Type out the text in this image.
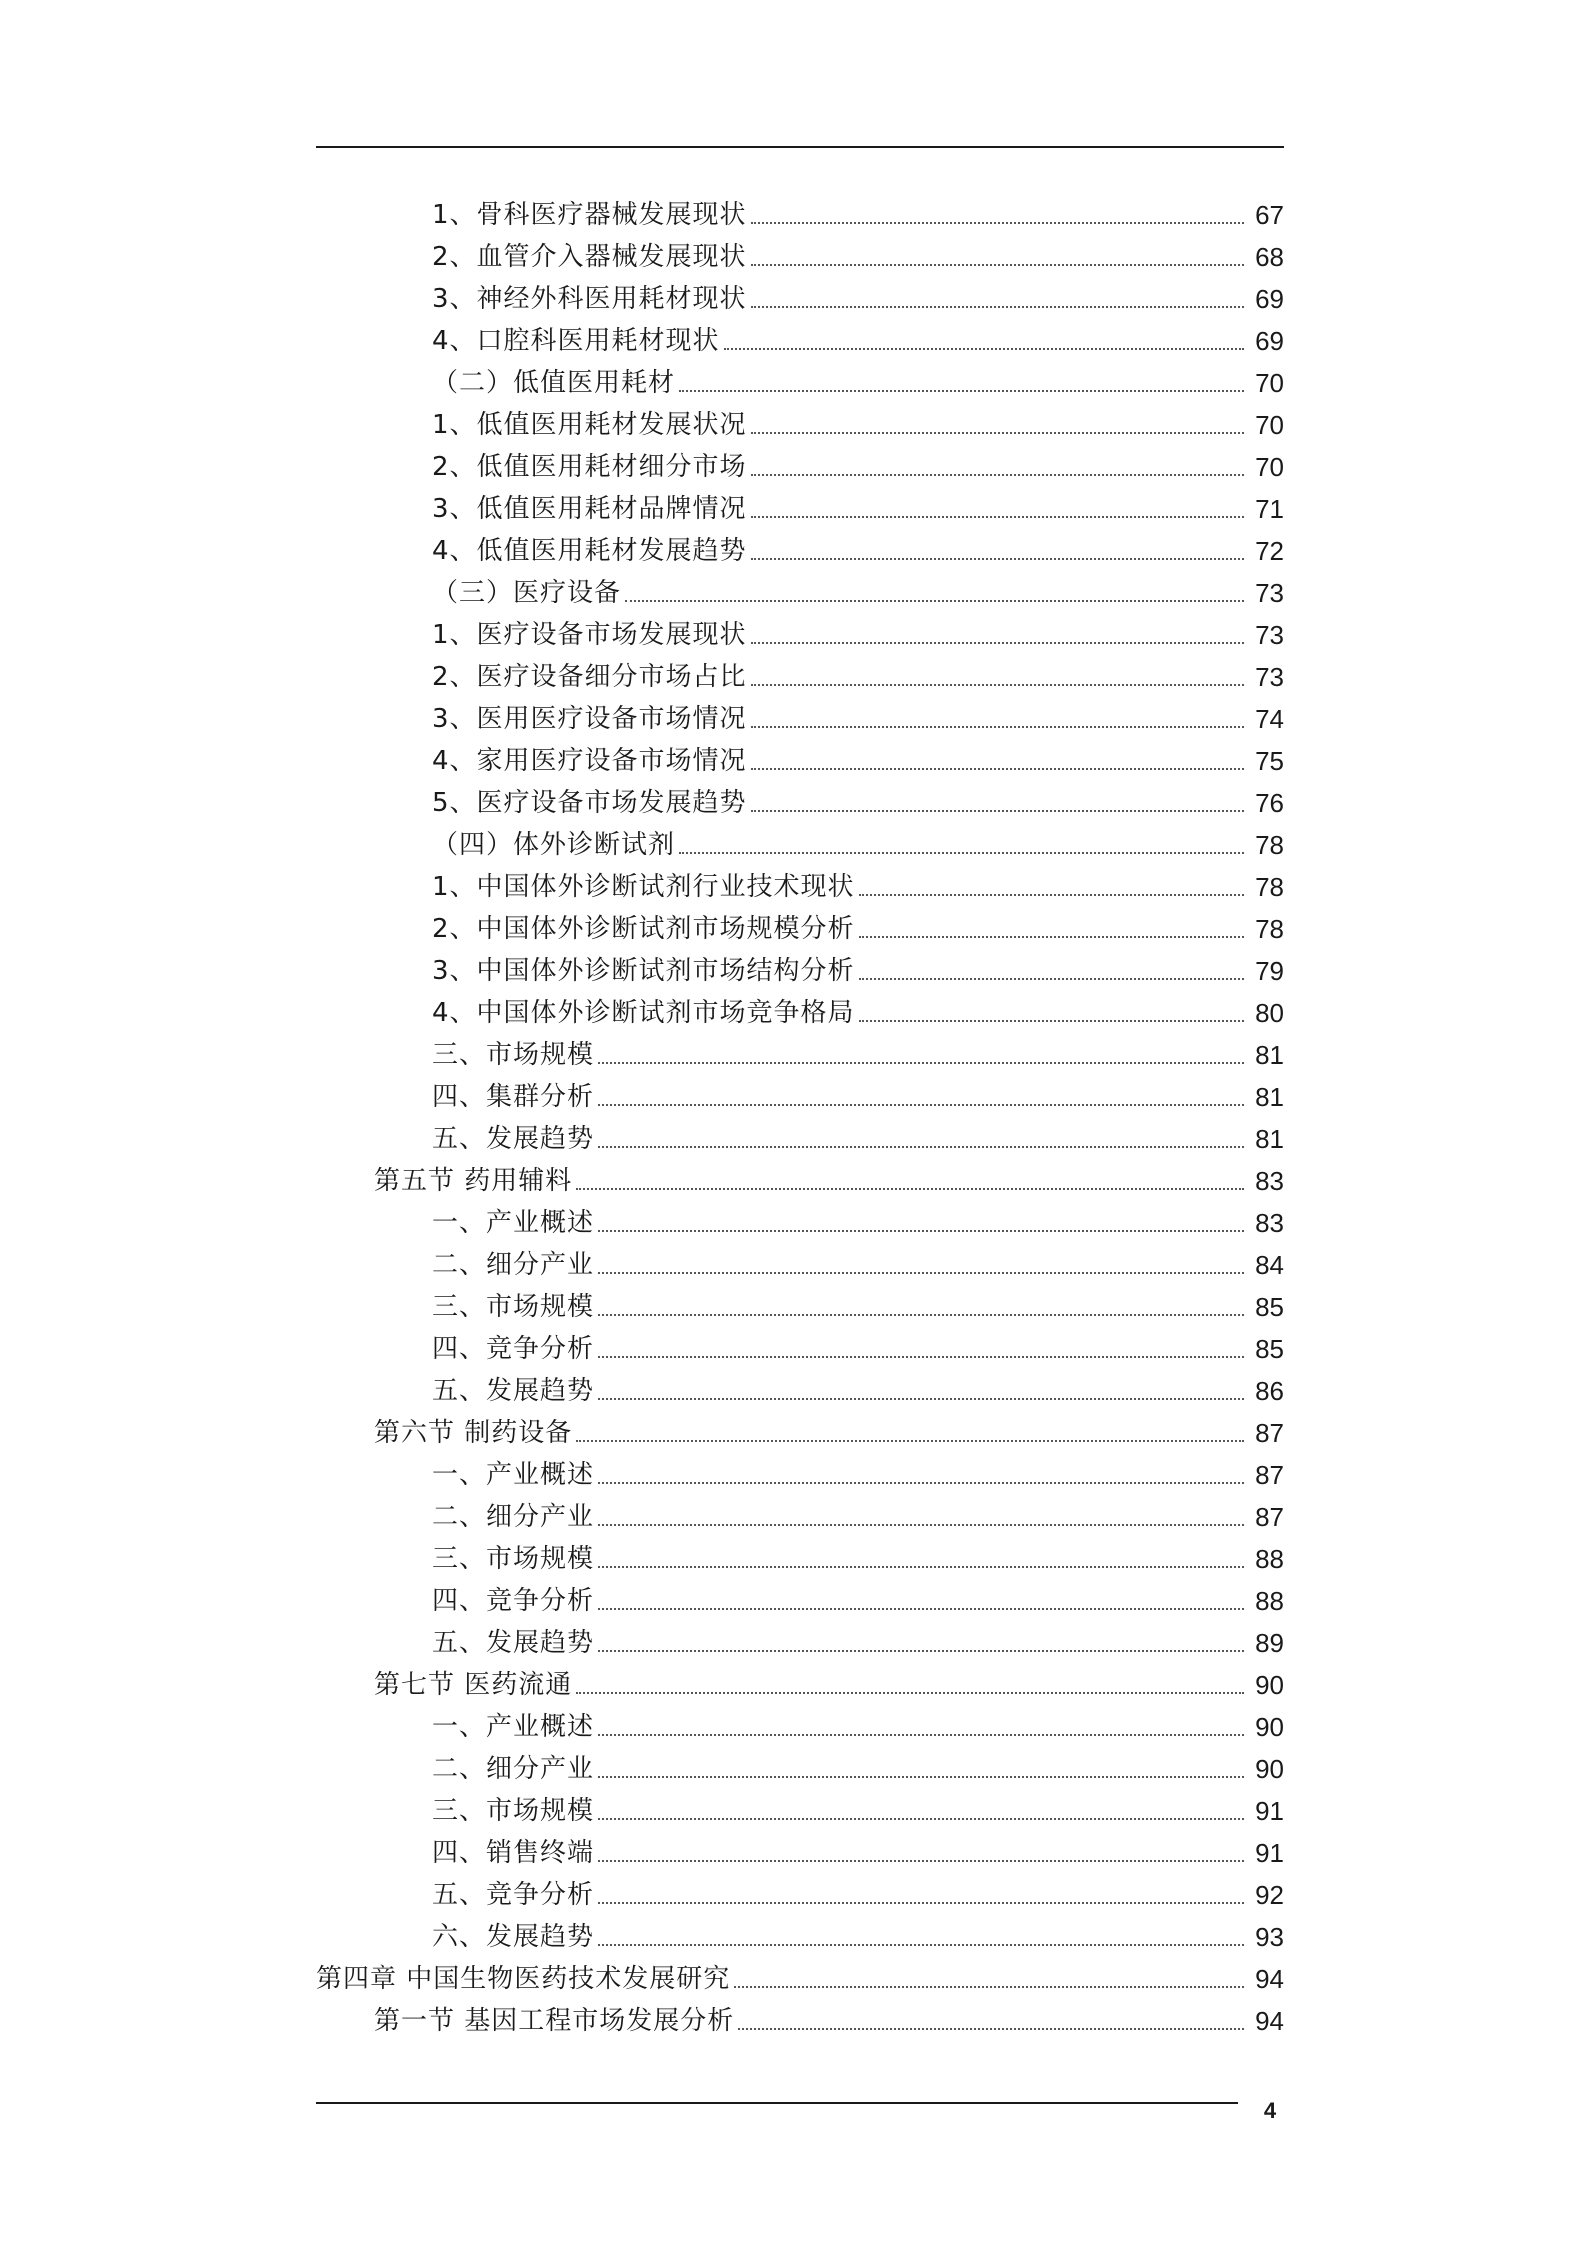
1、骨科医疗器械发展现状	67
2、血管介入器械发展现状	68
3、神经外科医用耗材现状	69
4、口腔科医用耗材现状	69
（二）低值医用耗材	70
1、低值医用耗材发展状况	70
2、低值医用耗材细分市场	70
3、低值医用耗材品牌情况	71
4、低值医用耗材发展趋势	72
（三）医疗设备	73
1、医疗设备市场发展现状	73
2、医疗设备细分市场占比	73
3、医用医疗设备市场情况	74
4、家用医疗设备市场情况	75
5、医疗设备市场发展趋势	76
（四）体外诊断试剂	78
1、中国体外诊断试剂行业技术现状	78
2、中国体外诊断试剂市场规模分析	78
3、中国体外诊断试剂市场结构分析	79
4、中国体外诊断试剂市场竞争格局	80
三、市场规模	81
四、集群分析	81
五、发展趋势	81
第五节 药用辅料	83
一、产业概述	83
二、细分产业	84
三、市场规模	85
四、竞争分析	85
五、发展趋势	86
第六节 制药设备	87
一、产业概述	87
二、细分产业	87
三、市场规模	88
四、竞争分析	88
五、发展趋势	89
第七节 医药流通	90
一、产业概述	90
二、细分产业	90
三、市场规模	91
四、销售终端	91
五、竞争分析	92
六、发展趋势	93
第四章 中国生物医药技术发展研究	94
第一节 基因工程市场发展分析	94
4
